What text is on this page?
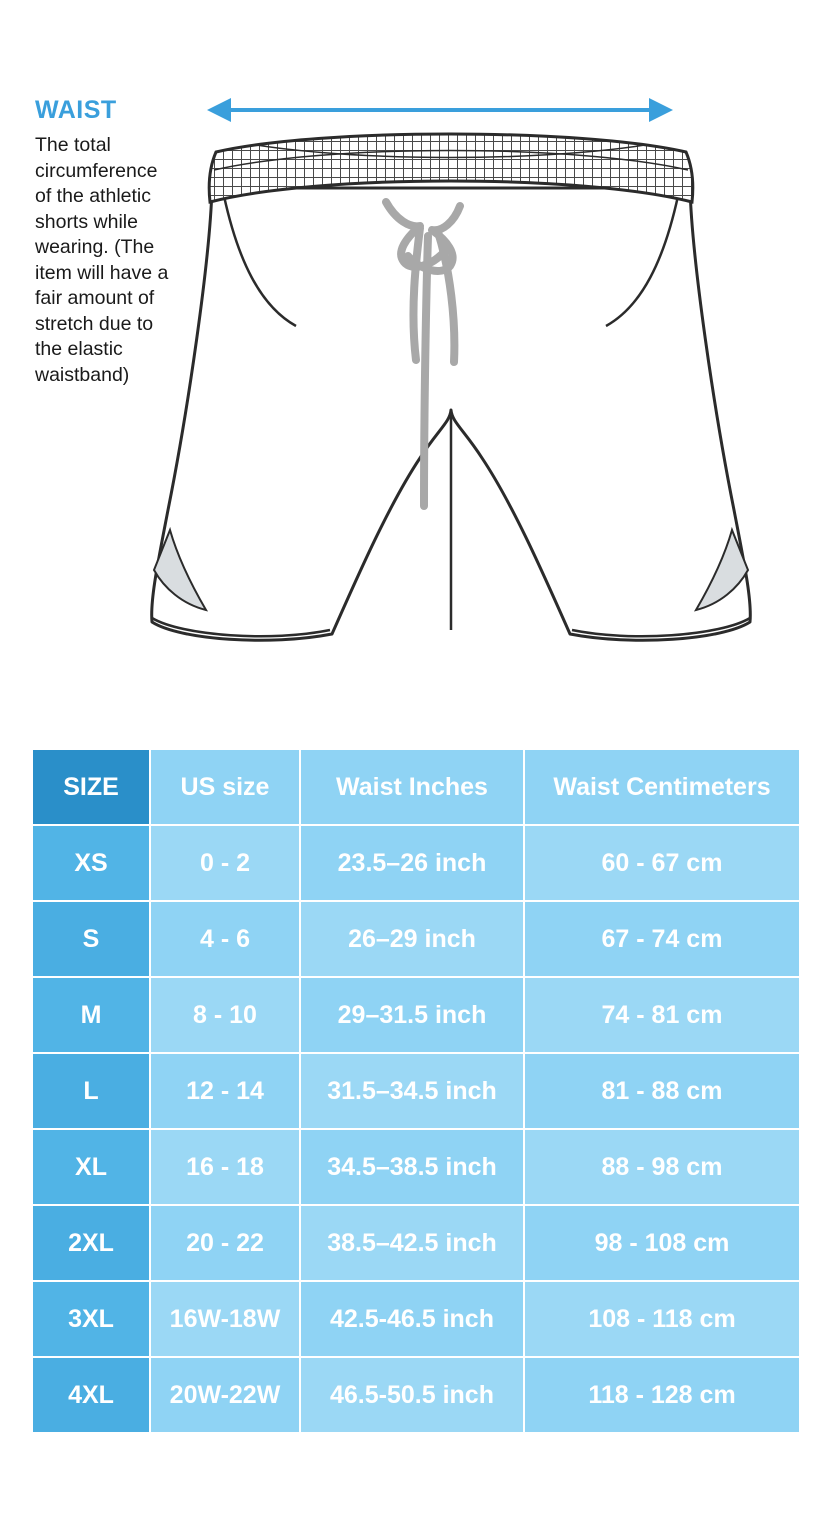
WAIST
The total circumference of the athletic shorts while wearing. (The item will have a fair amount of stretch due to the elastic waistband)
SIZE	US size	Waist Inches	Waist Centimeters
XS	0 - 2	23.5–26 inch	60 - 67 cm
S	4 - 6	26–29 inch	67 - 74 cm
M	8 - 10	29–31.5 inch	74 - 81 cm
L	12 - 14	31.5–34.5 inch	81 - 88 cm
XL	16 - 18	34.5–38.5 inch	88 - 98 cm
2XL	20 - 22	38.5–42.5 inch	98 - 108 cm
3XL	16W-18W	42.5-46.5 inch	108 - 118 cm
4XL	20W-22W	46.5-50.5 inch	118 - 128 cm
